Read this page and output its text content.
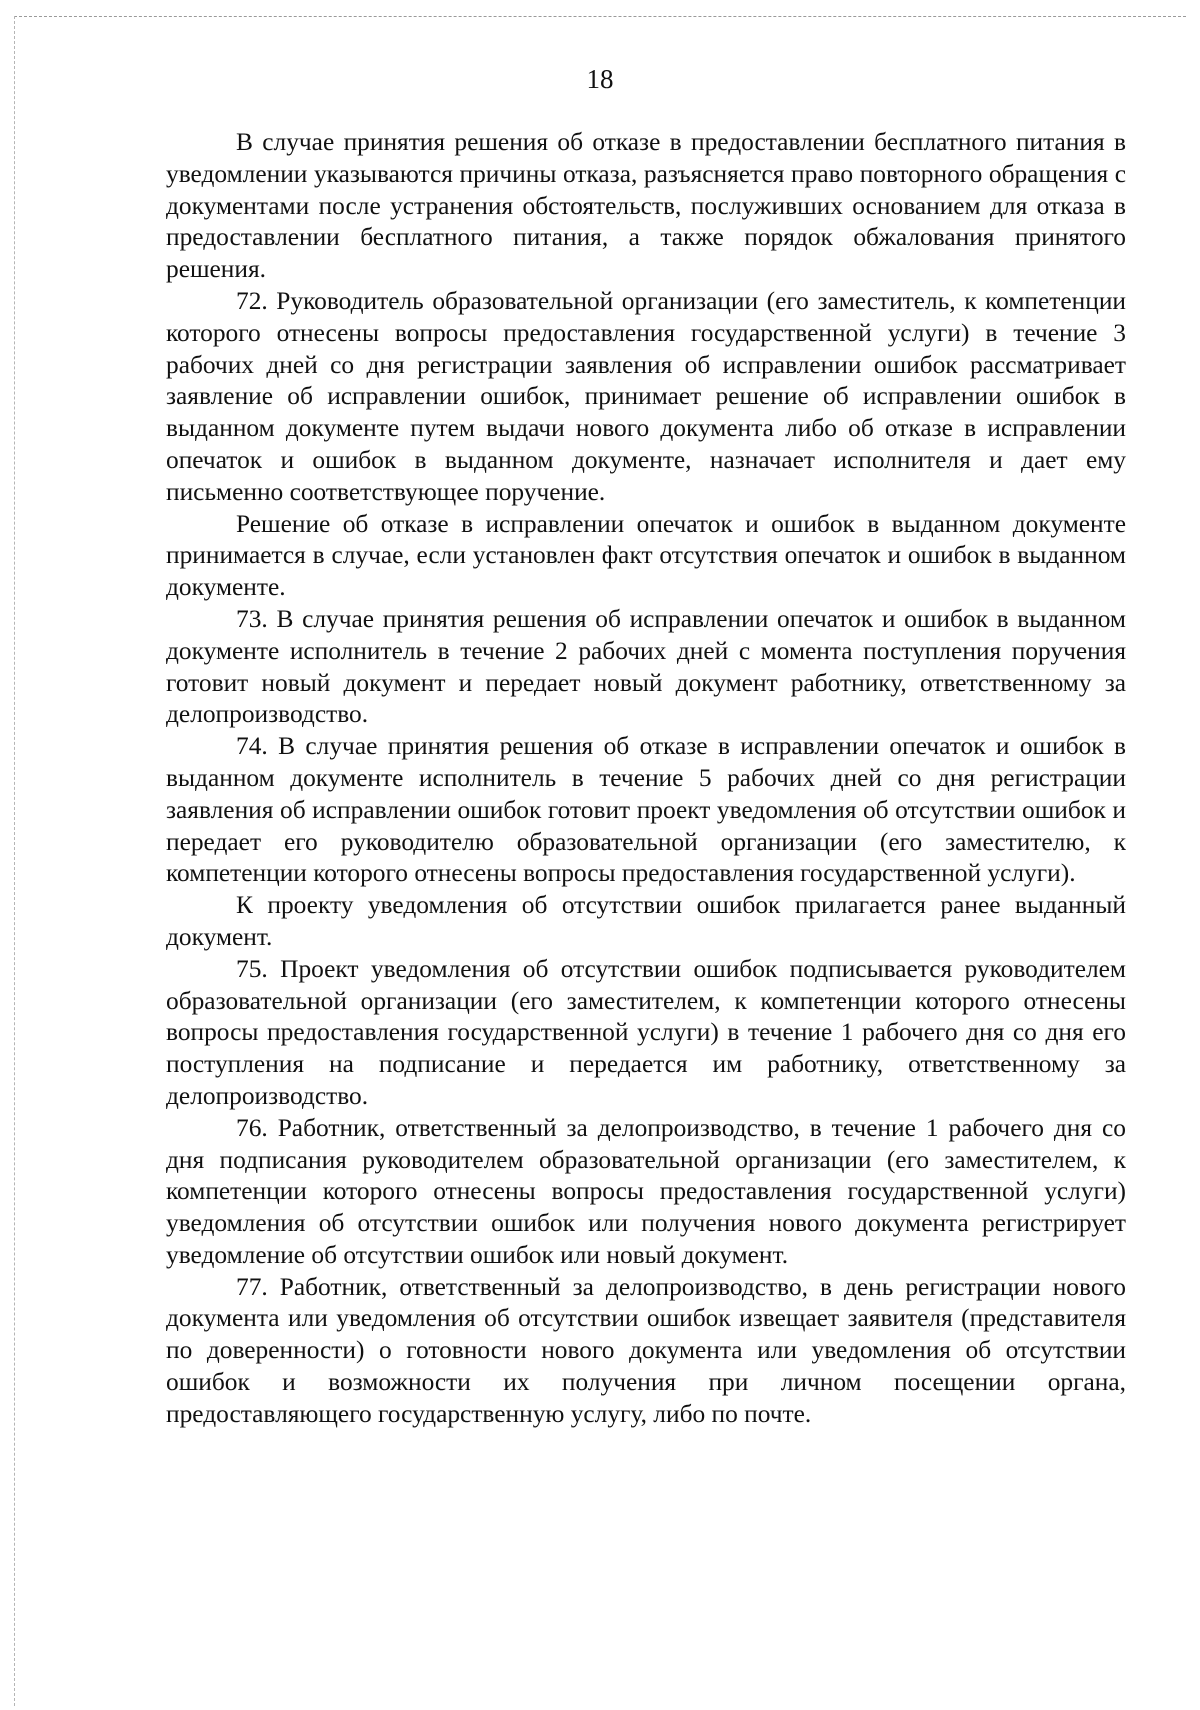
18

В случае принятия решения об отказе в предоставлении бесплатного питания в уведомлении указываются причины отказа, разъясняется право повторного обращения с документами после устранения обстоятельств, послуживших основанием для отказа в предоставлении бесплатного питания, а также порядок обжалования принятого решения.

72. Руководитель образовательной организации (его заместитель, к компетенции которого отнесены вопросы предоставления государственной услуги) в течение 3 рабочих дней со дня регистрации заявления об исправлении ошибок рассматривает заявление об исправлении ошибок, принимает решение об исправлении ошибок в выданном документе путем выдачи нового документа либо об отказе в исправлении опечаток и ошибок в выданном документе, назначает исполнителя и дает ему письменно соответствующее поручение.

Решение об отказе в исправлении опечаток и ошибок в выданном документе принимается в случае, если установлен факт отсутствия опечаток и ошибок в выданном документе.

73. В случае принятия решения об исправлении опечаток и ошибок в выданном документе исполнитель в течение 2 рабочих дней с момента поступления поручения готовит новый документ и передает новый документ работнику, ответственному за делопроизводство.

74. В случае принятия решения об отказе в исправлении опечаток и ошибок в выданном документе исполнитель в течение 5 рабочих дней со дня регистрации заявления об исправлении ошибок готовит проект уведомления об отсутствии ошибок и передает его руководителю образовательной организации (его заместителю, к компетенции которого отнесены вопросы предоставления государственной услуги).

К проекту уведомления об отсутствии ошибок прилагается ранее выданный документ.

75. Проект уведомления об отсутствии ошибок подписывается руководителем образовательной организации (его заместителем, к компетенции которого отнесены вопросы предоставления государственной услуги) в течение 1 рабочего дня со дня его поступления на подписание и передается им работнику, ответственному за делопроизводство.

76. Работник, ответственный за делопроизводство, в течение 1 рабочего дня со дня подписания руководителем образовательной организации (его заместителем, к компетенции которого отнесены вопросы предоставления государственной услуги) уведомления об отсутствии ошибок или получения нового документа регистрирует уведомление об отсутствии ошибок или новый документ.

77. Работник, ответственный за делопроизводство, в день регистрации нового документа или уведомления об отсутствии ошибок извещает заявителя (представителя по доверенности) о готовности нового документа или уведомления об отсутствии ошибок и возможности их получения при личном посещении органа, предоставляющего государственную услугу, либо по почте.
